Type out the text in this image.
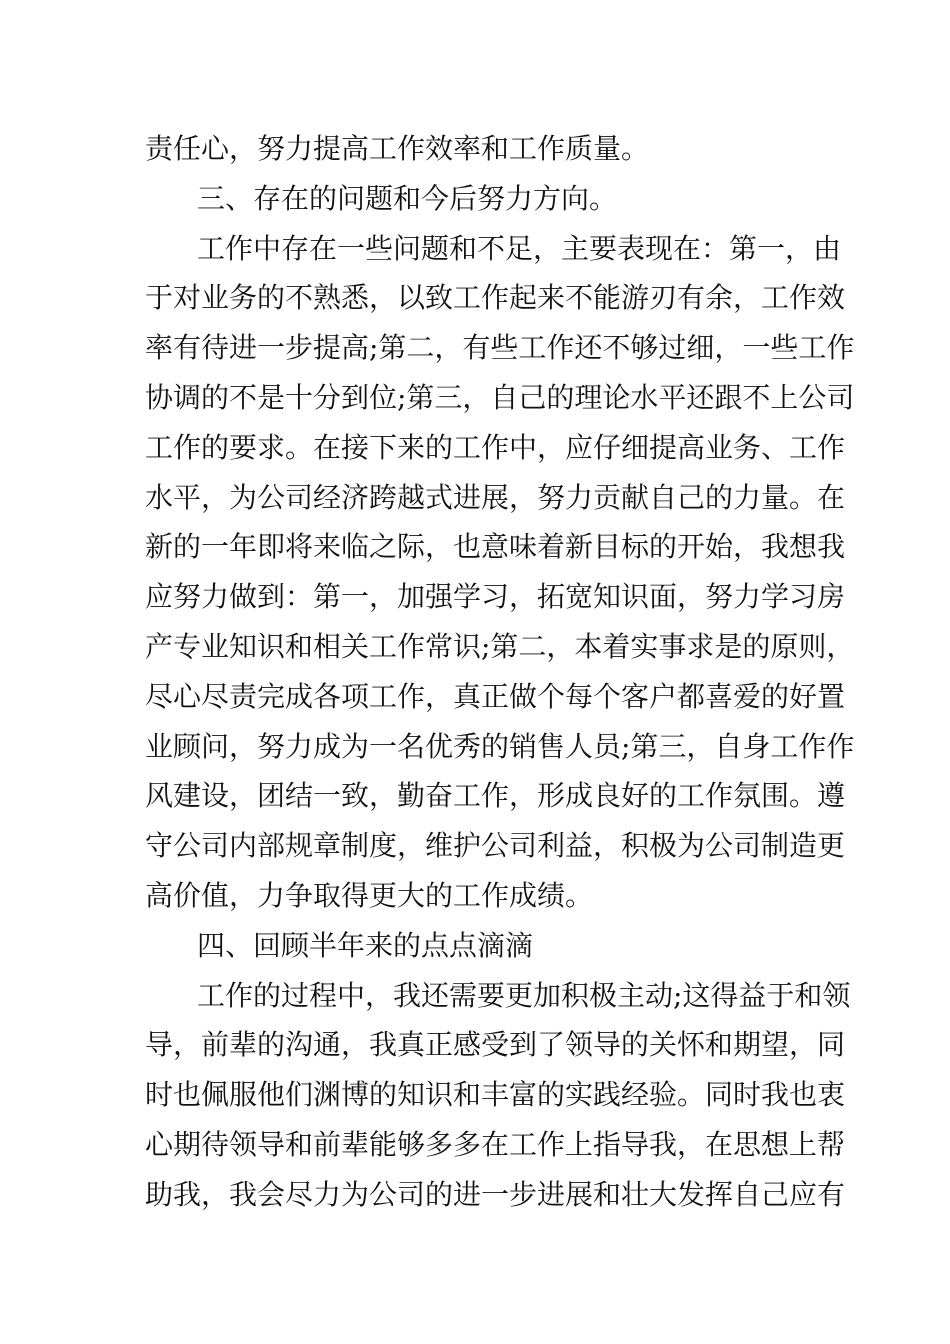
责任心，努力提高工作效率和工作质量。
三、存在的问题和今后努力方向。
工作中存在一些问题和不足，主要表现在：第一，由
于对业务的不熟悉，以致工作起来不能游刃有余，工作效
率有待进一步提高;第二，有些工作还不够过细，一些工作
协调的不是十分到位;第三，自己的理论水平还跟不上公司
工作的要求。在接下来的工作中，应仔细提高业务、工作
水平，为公司经济跨越式进展，努力贡献自己的力量。在
新的一年即将来临之际，也意味着新目标的开始，我想我
应努力做到：第一，加强学习，拓宽知识面，努力学习房
产专业知识和相关工作常识;第二，本着实事求是的原则，
尽心尽责完成各项工作，真正做个每个客户都喜爱的好置
业顾问，努力成为一名优秀的销售人员;第三，自身工作作
风建设，团结一致，勤奋工作，形成良好的工作氛围。遵
守公司内部规章制度，维护公司利益，积极为公司制造更
高价值，力争取得更大的工作成绩。
四、回顾半年来的点点滴滴
工作的过程中，我还需要更加积极主动;这得益于和领
导，前辈的沟通，我真正感受到了领导的关怀和期望，同
时也佩服他们渊博的知识和丰富的实践经验。同时我也衷
心期待领导和前辈能够多多在工作上指导我，在思想上帮
助我，我会尽力为公司的进一步进展和壮大发挥自己应有
